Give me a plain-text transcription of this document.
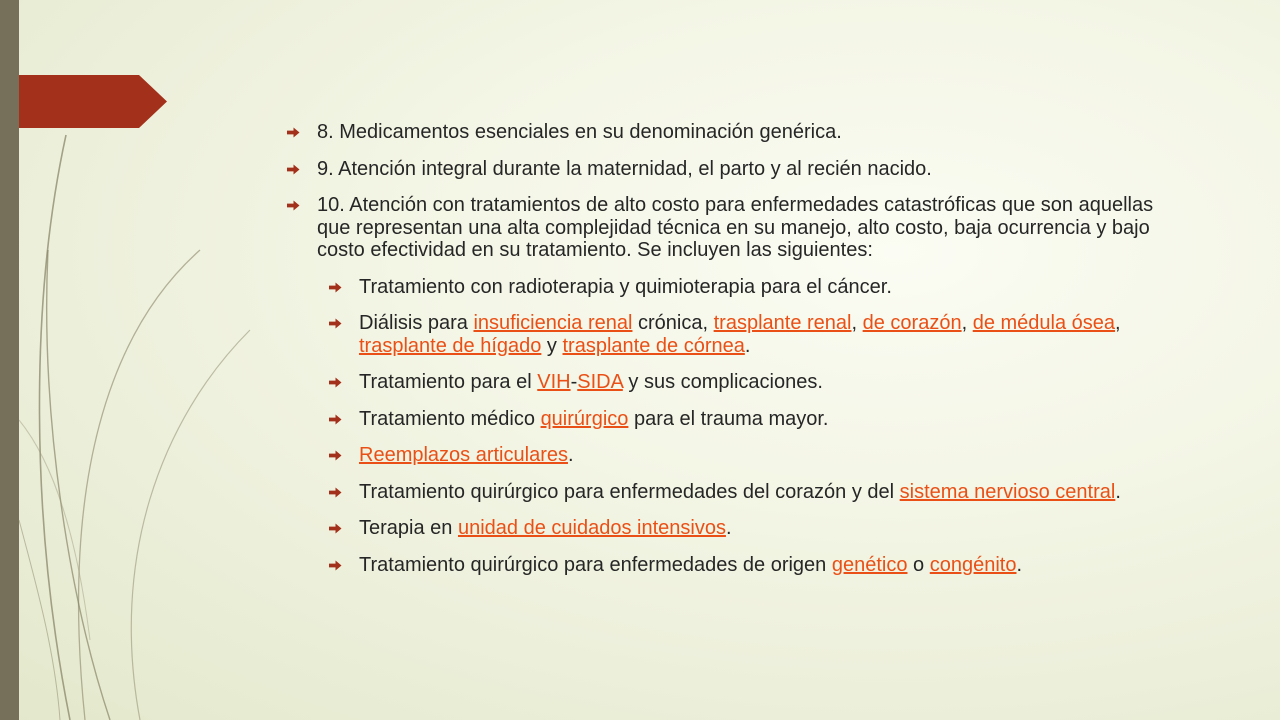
8. Medicamentos esenciales en su denominación genérica.
9. Atención integral durante la maternidad, el parto y al recién nacido.
10. Atención con tratamientos de alto costo para enfermedades catastróficas que son aquellas que representan una alta complejidad técnica en su manejo, alto costo, baja ocurrencia y bajo costo efectividad en su tratamiento. Se incluyen las siguientes:
Tratamiento con radioterapia y quimioterapia para el cáncer.
Diálisis para insuficiencia renal crónica, trasplante renal, de corazón, de médula ósea, trasplante de hígado y trasplante de córnea.
Tratamiento para el VIH-SIDA y sus complicaciones.
Tratamiento médico quirúrgico para el trauma mayor.
Reemplazos articulares.
Tratamiento quirúrgico para enfermedades del corazón y del sistema nervioso central.
Terapia en unidad de cuidados intensivos.
Tratamiento quirúrgico para enfermedades de origen genético o congénito.
